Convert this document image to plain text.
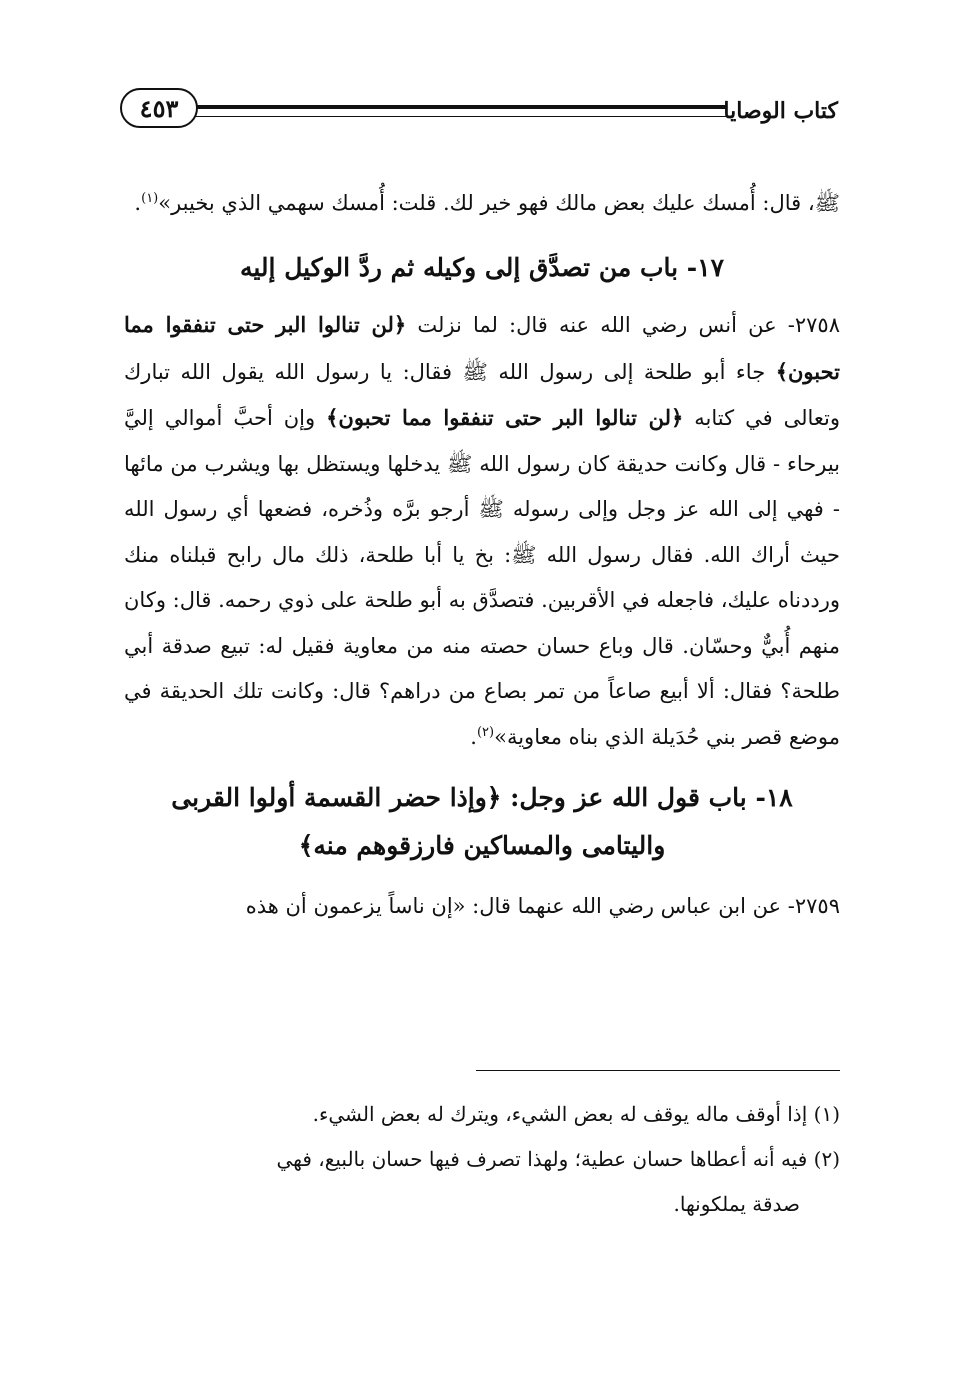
كتاب الوصايا
٤٥٣

ﷺ، قال: أُمسك عليك بعض مالك فهو خير لك. قلت: أُمسك سهمي الذي بخيبر»$^{(١)}$.

١٧- باب من تصدَّق إلى وكيله ثم ردَّ الوكيل إليه

٢٧٥٨- عن أنس رضي الله عنه قال: لما نزلت ﴿لن تنالوا البر حتى تنفقوا مما تحبون﴾ جاء أبو طلحة إلى رسول الله ﷺ فقال: يا رسول الله يقول الله تبارك وتعالى في كتابه ﴿لن تنالوا البر حتى تنفقوا مما تحبون﴾ وإن أحبَّ أموالي إليَّ بيرحاء - قال وكانت حديقة كان رسول الله ﷺ يدخلها ويستظل بها ويشرب من مائها - فهي إلى الله عز وجل وإلى رسوله ﷺ أرجو برَّه وذُخره، فضعها أي رسول الله حيث أراك الله. فقال رسول الله ﷺ: بخ يا أبا طلحة، ذلك مال رابح قبلناه منك ورددناه عليك، فاجعله في الأقربين. فتصدَّق به أبو طلحة على ذوي رحمه. قال: وكان منهم أُبيٌّ وحسّان. قال وباع حسان حصته منه من معاوية فقيل له: تبيع صدقة أبي طلحة؟ فقال: ألا أبيع صاعاً من تمر بصاع من دراهم؟ قال: وكانت تلك الحديقة في موضع قصر بني حُدَيلة الذي بناه معاوية»$^{(٢)}$.

١٨- باب قول الله عز وجل: ﴿وإذا حضر القسمة أولوا القربى
واليتامى والمساكين فارزقوهم منه﴾

٢٧٥٩- عن ابن عباس رضي الله عنهما قال: «إن ناساً يزعمون أن هذه

(١) إذا أوقف ماله يوقف له بعض الشيء، ويترك له بعض الشيء.

(٢) فيه أنه أعطاها حسان عطية؛ ولهذا تصرف فيها حسان بالبيع، فهي
صدقة يملكونها.
